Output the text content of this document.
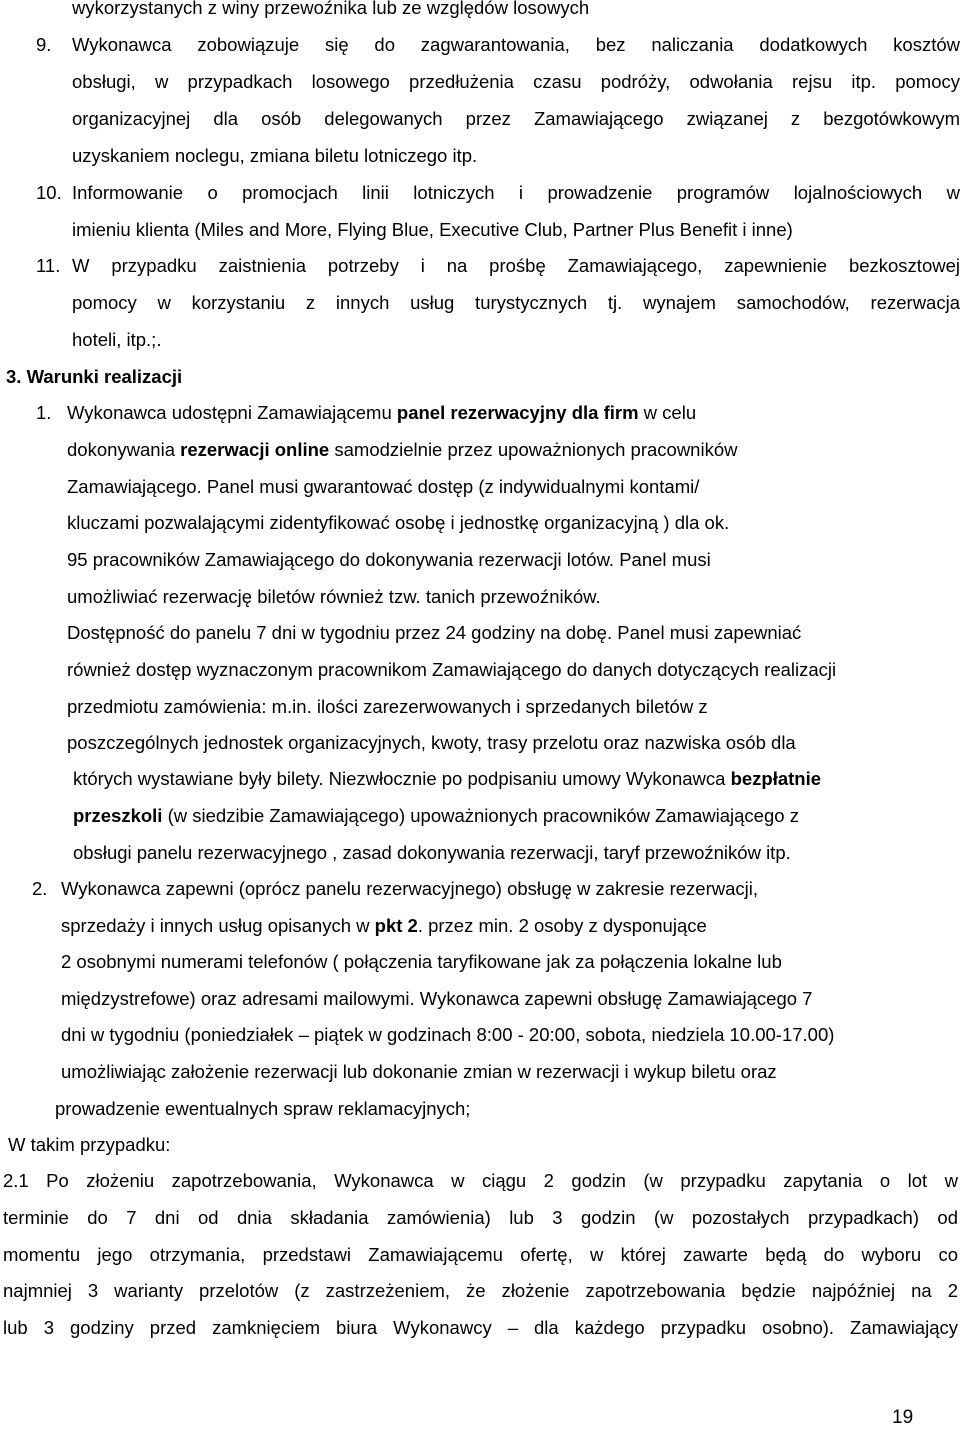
wykorzystanych z winy przewoźnika lub ze względów losowych
9. Wykonawca zobowiązuje się do zagwarantowania, bez naliczania dodatkowych kosztów
obsługi, w przypadkach losowego przedłużenia czasu podróży, odwołania rejsu itp. pomocy
organizacyjnej dla osób delegowanych przez Zamawiającego związanej z bezgotówkowym
uzyskaniem noclegu, zmiana biletu lotniczego itp.
10. Informowanie o promocjach linii lotniczych i prowadzenie programów lojalnościowych w
imieniu klienta (Miles and More, Flying Blue, Executive Club, Partner Plus Benefit i inne)
11. W przypadku zaistnienia potrzeby i na prośbę Zamawiającego, zapewnienie bezkosztowej
pomocy w korzystaniu z innych usług turystycznych tj. wynajem samochodów, rezerwacja
hoteli, itp.;.
3. Warunki realizacji
1. Wykonawca udostępni Zamawiającemu panel rezerwacyjny dla firm w celu
dokonywania rezerwacji online samodzielnie przez upoważnionych pracowników
Zamawiającego. Panel musi gwarantować dostęp (z indywidualnymi kontami/
kluczami pozwalającymi zidentyfikować osobę i jednostkę organizacyjną ) dla ok.
95 pracowników Zamawiającego do dokonywania rezerwacji lotów. Panel musi
umożliwiać rezerwację biletów również tzw. tanich przewoźników.
Dostępność do panelu 7 dni w tygodniu przez 24 godziny na dobę. Panel musi zapewniać
również dostęp wyznaczonym pracownikom Zamawiającego do danych dotyczących realizacji
przedmiotu zamówienia: m.in. ilości zarezerwowanych i sprzedanych biletów z
poszczególnych jednostek organizacyjnych, kwoty, trasy przelotu oraz nazwiska osób dla
których wystawiane były bilety. Niezwłocznie po podpisaniu umowy Wykonawca bezpłatnie
przeszkoli (w siedzibie Zamawiającego) upoważnionych pracowników Zamawiającego z
obsługi panelu rezerwacyjnego , zasad dokonywania rezerwacji, taryf przewoźników itp.
2. Wykonawca zapewni (oprócz panelu rezerwacyjnego) obsługę w zakresie rezerwacji,
sprzedaży i innych usług opisanych w pkt 2. przez min. 2 osoby z dysponujące
2 osobnymi numerami telefonów ( połączenia taryfikowane jak za połączenia lokalne lub
międzystrefowe) oraz adresami mailowymi. Wykonawca zapewni obsługę Zamawiającego 7
dni w tygodniu (poniedziałek – piątek w godzinach 8:00 - 20:00, sobota, niedziela 10.00-17.00)
umożliwiając założenie rezerwacji lub dokonanie zmian w rezerwacji i wykup biletu oraz
prowadzenie ewentualnych spraw reklamacyjnych;
W takim przypadku:
2.1 Po złożeniu zapotrzebowania, Wykonawca w ciągu 2 godzin (w przypadku zapytania o lot w
terminie do 7 dni od dnia składania zamówienia) lub 3 godzin (w pozostałych przypadkach) od
momentu jego otrzymania, przedstawi Zamawiającemu ofertę, w której zawarte będą do wyboru co
najmniej 3 warianty przelotów (z zastrzeżeniem, że złożenie zapotrzebowania będzie najpóźniej na 2
lub 3 godziny przed zamknięciem biura Wykonawcy – dla każdego przypadku osobno). Zamawiający
19
